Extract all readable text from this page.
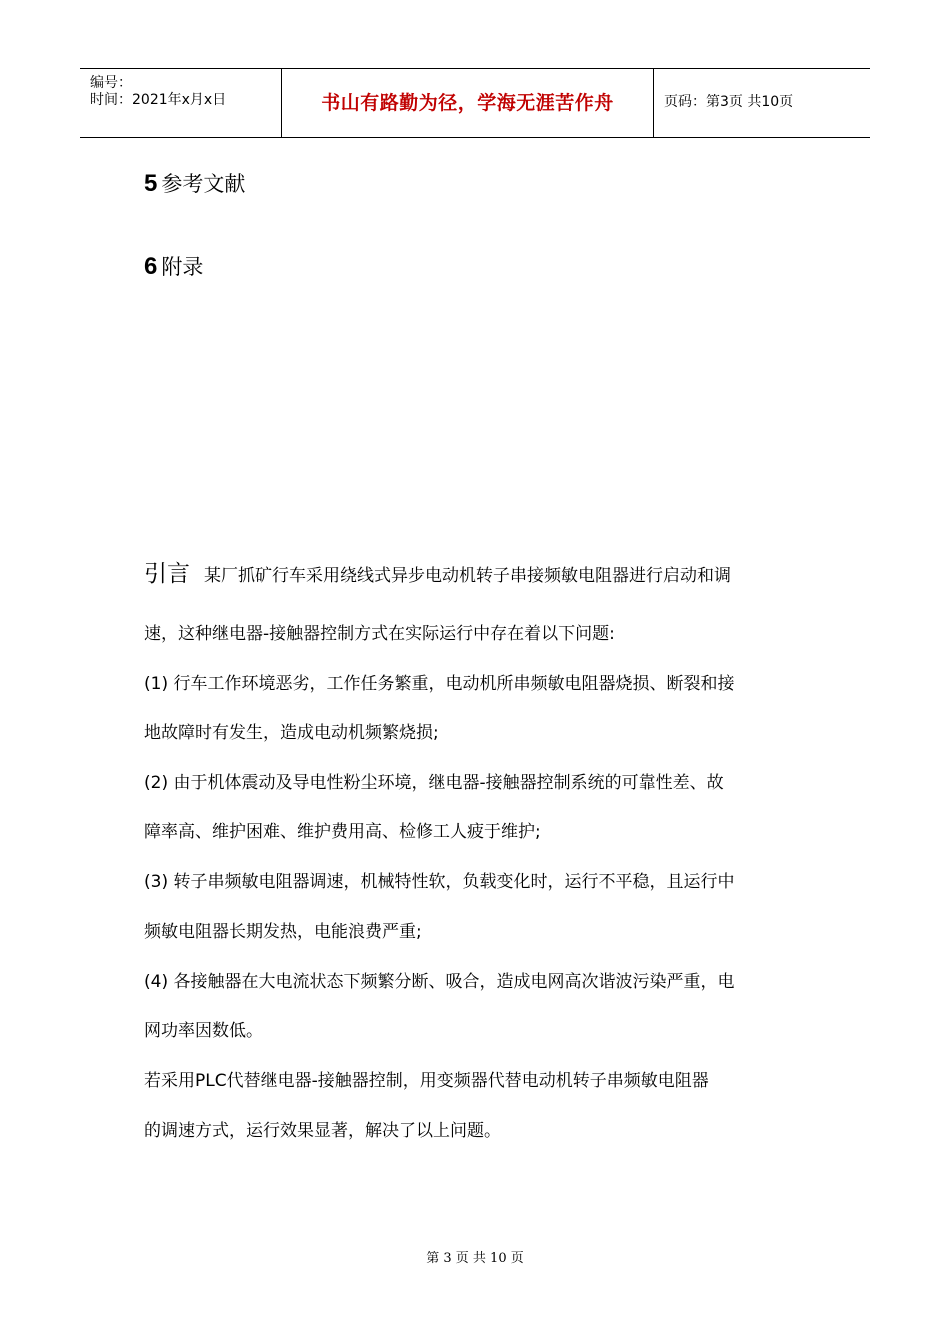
编号：
时间：2021年x月x日	书山有路勤为径，学海无涯苦作舟	页码：第3页 共10页
5 参考文献
6 附录
引言 某厂抓矿行车采用绕线式异步电动机转子串接频敏电阻器进行启动和调
速，这种继电器-接触器控制方式在实际运行中存在着以下问题:
(1) 行车工作环境恶劣，工作任务繁重，电动机所串频敏电阻器烧损、断裂和接
地故障时有发生，造成电动机频繁烧损;
(2) 由于机体震动及导电性粉尘环境，继电器-接触器控制系统的可靠性差、故
障率高、维护困难、维护费用高、检修工人疲于维护;
(3) 转子串频敏电阻器调速，机械特性软，负载变化时，运行不平稳，且运行中
频敏电阻器长期发热，电能浪费严重;
(4) 各接触器在大电流状态下频繁分断、吸合，造成电网高次谐波污染严重，电
网功率因数低。
若采用PLC代替继电器-接触器控制，用变频器代替电动机转子串频敏电阻器
的调速方式，运行效果显著，解决了以上问题。
第 3 页 共 10 页
